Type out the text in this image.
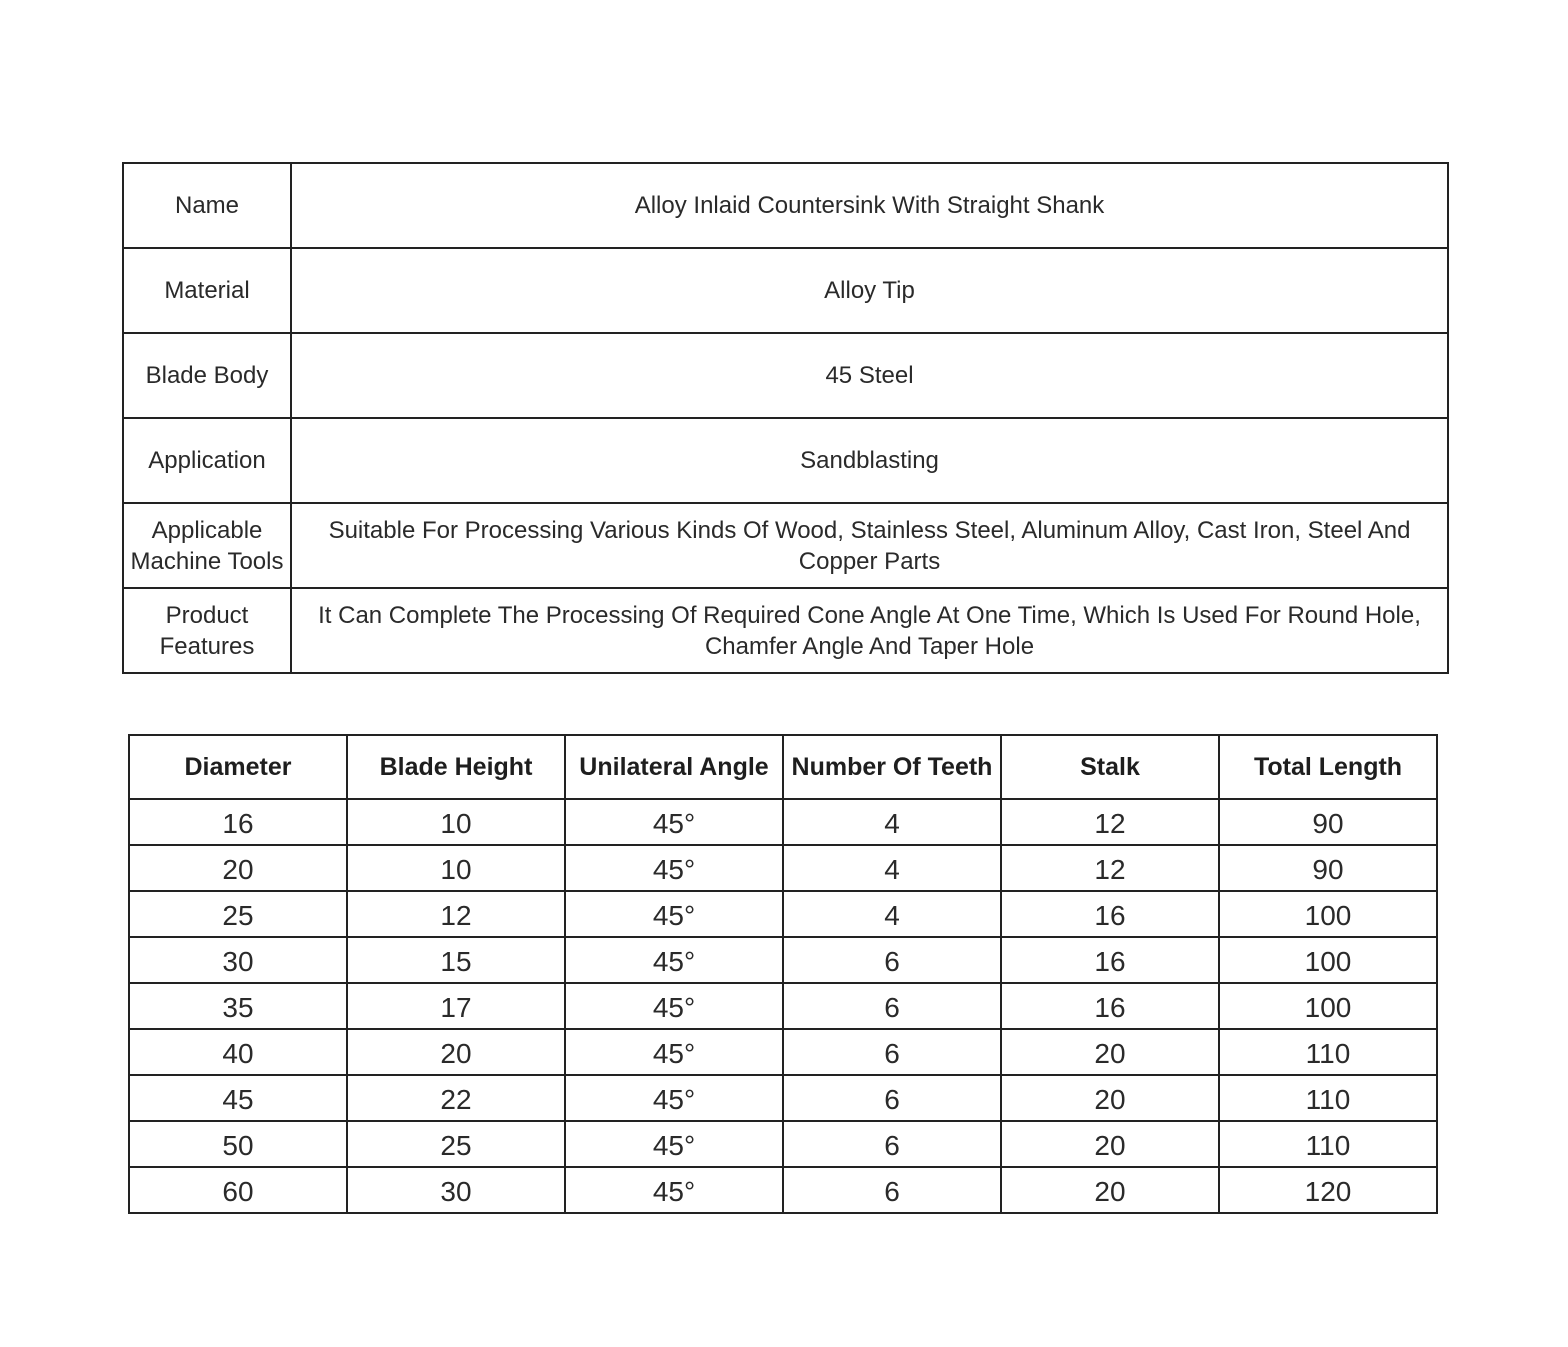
Name	Alloy Inlaid Countersink With Straight Shank
Material	Alloy Tip
Blade Body	45 Steel
Application	Sandblasting
Applicable Machine Tools	Suitable For Processing Various Kinds Of Wood, Stainless Steel, Aluminum Alloy, Cast Iron, Steel And Copper Parts
Product Features	It Can Complete The Processing Of Required Cone Angle At One Time, Which Is Used For Round Hole, Chamfer Angle And Taper Hole
Diameter	Blade Height	Unilateral Angle	Number Of Teeth	Stalk	Total Length
16	10	45°	4	12	90
20	10	45°	4	12	90
25	12	45°	4	16	100
30	15	45°	6	16	100
35	17	45°	6	16	100
40	20	45°	6	20	110
45	22	45°	6	20	110
50	25	45°	6	20	110
60	30	45°	6	20	120
